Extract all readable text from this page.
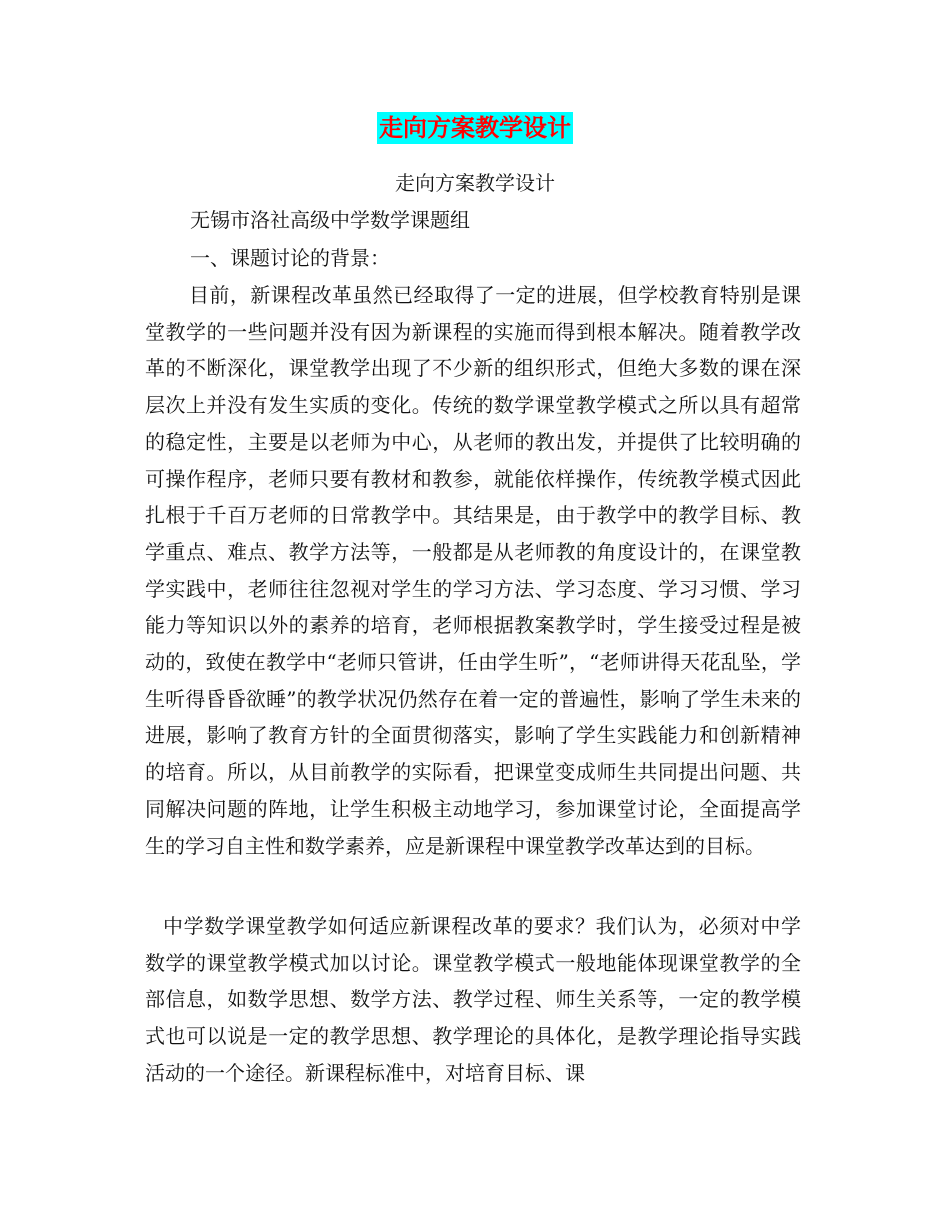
走向方案教学设计
走向方案教学设计
无锡市洛社高级中学数学课题组
一、课题讨论的背景：

目前，新课程改革虽然已经取得了一定的进展，但学校教育特别是课堂教学的一些问题并没有因为新课程的实施而得到根本解决。随着教学改革的不断深化，课堂教学出现了不少新的组织形式，但绝大多数的课在深层次上并没有发生实质的变化。传统的数学课堂教学模式之所以具有超常的稳定性，主要是以老师为中心，从老师的教出发，并提供了比较明确的可操作程序，老师只要有教材和教参，就能依样操作，传统教学模式因此扎根于千百万老师的日常教学中。其结果是，由于教学中的教学目标、教学重点、难点、教学方法等，一般都是从老师教的角度设计的，在课堂教学实践中，老师往往忽视对学生的学习方法、学习态度、学习习惯、学习能力等知识以外的素养的培育，老师根据教案教学时，学生接受过程是被动的，致使在教学中“老师只管讲，任由学生听”，“老师讲得天花乱坠，学生听得昏昏欲睡”的教学状况仍然存在着一定的普遍性，影响了学生未来的进展，影响了教育方针的全面贯彻落实，影响了学生实践能力和创新精神的培育。所以，从目前教学的实际看，把课堂变成师生共同提出问题、共同解决问题的阵地，让学生积极主动地学习，参加课堂讨论，全面提高学生的学习自主性和数学素养，应是新课程中课堂教学改革达到的目标。

中学数学课堂教学如何适应新课程改革的要求？我们认为，必须对中学数学的课堂教学模式加以讨论。课堂教学模式一般地能体现课堂教学的全部信息，如数学思想、数学方法、教学过程、师生关系等，一定的教学模式也可以说是一定的教学思想、教学理论的具体化，是教学理论指导实践活动的一个途径。新课程标准中，对培育目标、课
